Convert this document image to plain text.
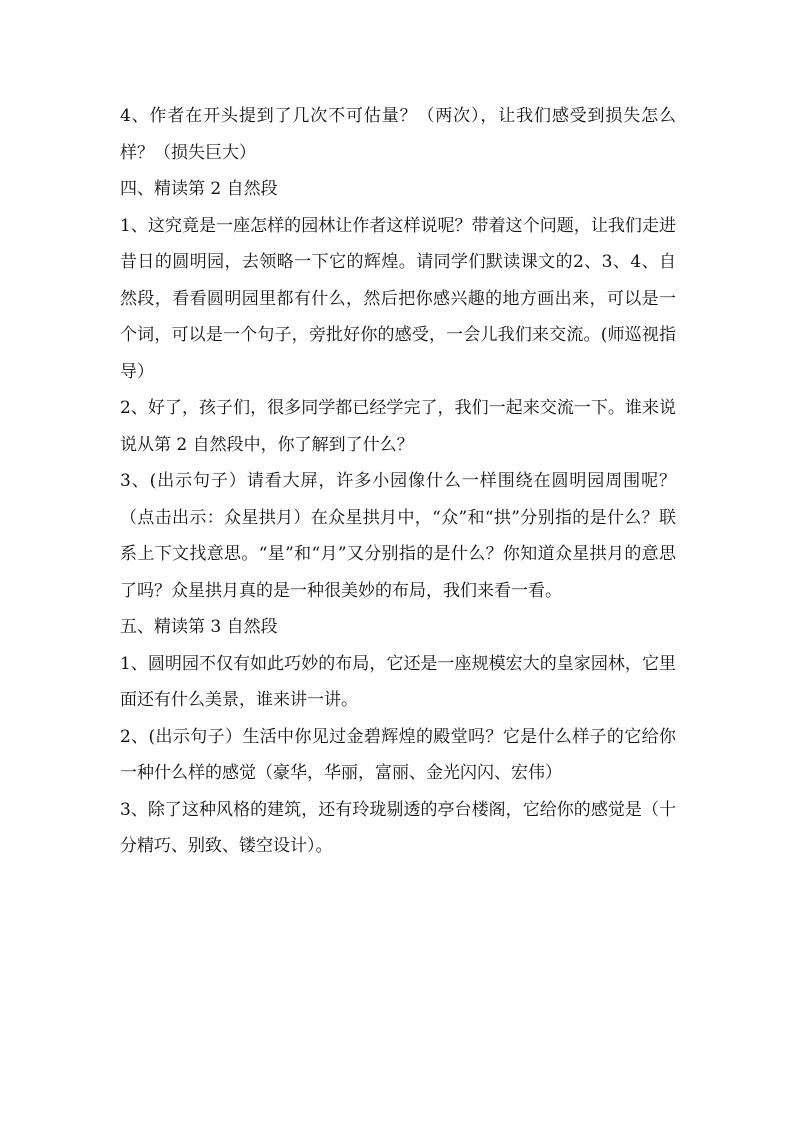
4、作者在开头提到了几次不可估量？（两次），让我们感受到损失怎么样？（损失巨大）

四、精读第 2 自然段

1、这究竟是一座怎样的园林让作者这样说呢？带着这个问题，让我们走进昔日的圆明园，去领略一下它的辉煌。请同学们默读课文的2、3、4、自然段，看看圆明园里都有什么，然后把你感兴趣的地方画出来，可以是一个词，可以是一个句子，旁批好你的感受，一会儿我们来交流。(师巡视指导）

2、好了，孩子们，很多同学都已经学完了，我们一起来交流一下。谁来说说从第 2 自然段中，你了解到了什么？

3、(出示句子）请看大屏，许多小园像什么一样围绕在圆明园周围呢？（点击出示：众星拱月）在众星拱月中，“众”和“拱”分别指的是什么？联系上下文找意思。“星”和“月”又分别指的是什么？你知道众星拱月的意思了吗？众星拱月真的是一种很美妙的布局，我们来看一看。

五、精读第 3 自然段

1、圆明园不仅有如此巧妙的布局，它还是一座规模宏大的皇家园林，它里面还有什么美景，谁来讲一讲。

2、(出示句子）生活中你见过金碧辉煌的殿堂吗？它是什么样子的它给你一种什么样的感觉（豪华，华丽，富丽、金光闪闪、宏伟）

3、除了这种风格的建筑，还有玲珑剔透的亭台楼阁，它给你的感觉是（十分精巧、别致、镂空设计）。
